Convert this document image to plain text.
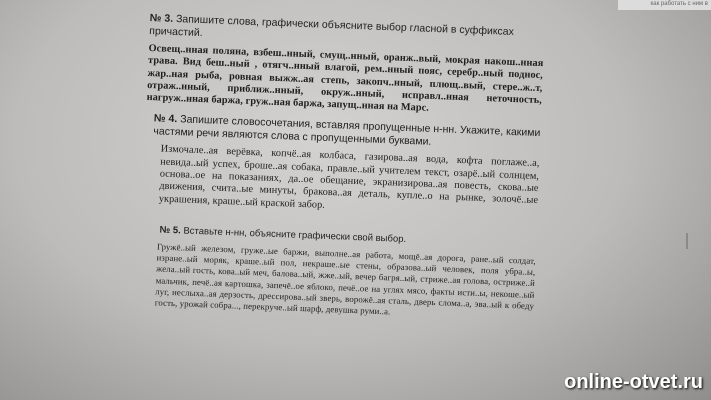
как работать с ним в

№ 3. Запишите слова, графически объясните выбор гласной в суффиксах причастий.

Освещ..нная поляна, взбеш..нный, смущ..нный, оранж..вый, мокрая накош..нная трава. Вид беш..ный , отягч..нный влагой, рем..нный пояс, серебр..ный поднос, жар..ная рыба, ровная выжж..ая степь, закопч..нный, плющ..вый, стере..ж..т, отраж..нный, приближ..нный, окруж..нный, исправл..нная неточность, нагруж..нная баржа, груж..ная баржа, запущ..нная на Марс.

№ 4. Запишите словосочетания, вставляя пропущенные н-нн. Укажите, какими частями речи являются слова с пропущенными буквами.

Измочале..ая верёвка, копчё..ая колбаса, газирова..ая вода, кофта поглаже..а, невида..ый успех, броше..ая собака, правле..ый учителем текст, озарё..ый солнцем, основа..ое на показаниях, да..ое обещание, экранизирова..ая повесть, скова..ые движения, счита..ые минуты, бракова..ая деталь, купле..о на рынке, золочё..ые украшения, краше..ый краской забор.

№ 5. Вставьте н-нн, объясните графически свой выбор.

Гружё..ый железом, груже..ые баржи, выполне..ая работа, мощё..ая дорога, ране..ый солдат, изране..ый моряк, краше..ый пол, некраше..ые стены, образова..ый человек, поля убра..ы, жела..ый гость, кова..ый меч, балова..ый, жже..ый, вечер багря..ый, стриже..ая голова, остриже..й мальчик, печё..ая картошка, запечё..ое яблоко, печё..ое на углях мясо, факты исти..ы, некоше..ый луг, неслыха..ая дерзость, дрессирова..ый зверь, ворожё..ая сталь, дверь слома..а, эва..ый к обеду гость, урожай собра..., перекруче..ый шарф, девушка руми..а.

online-otvet.ru
